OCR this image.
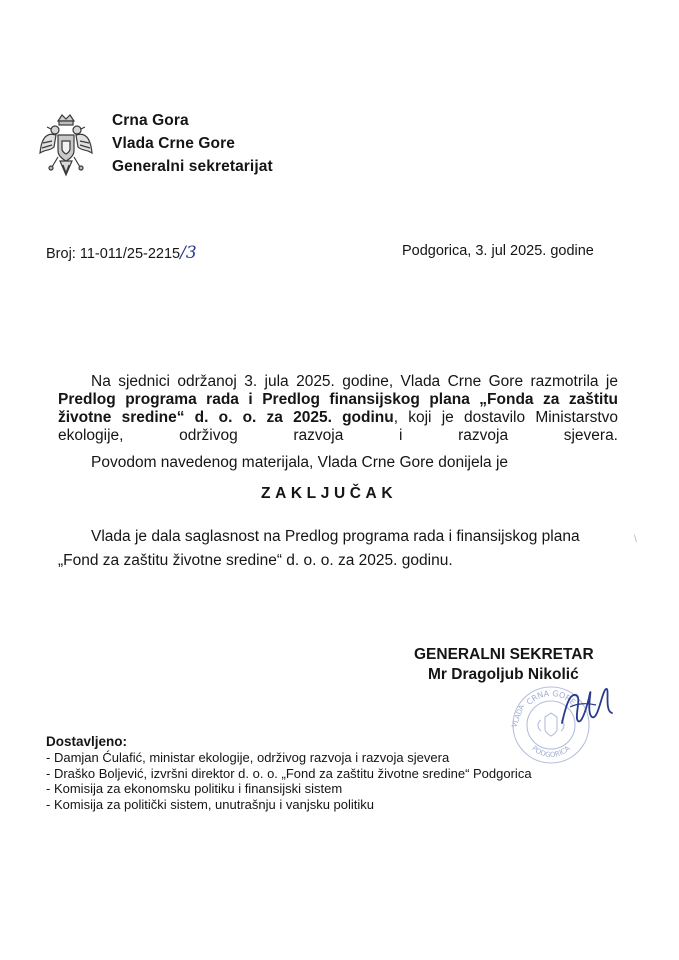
Crna Gora
Vlada Crne Gore
Generalni sekretarijat
Broj: 11-011/25-2215/3	Podgorica, 3. jul 2025. godine
Na sjednici održanoj 3. jula 2025. godine, Vlada Crne Gore razmotrila je Predlog programa rada i Predlog finansijskog plana „Fonda za zaštitu životne sredine“ d. o. o. za 2025. godinu, koji je dostavilo Ministarstvo ekologije, održivog razvoja i razvoja sjevera.
Povodom navedenog materijala, Vlada Crne Gore donijela je
ZAKLJUČAK
Vlada je dala saglasnost na Predlog programa rada i finansijskog plana
„Fond za zaštitu životne sredine“ d. o. o. za 2025. godinu.
\
GENERALNI SEKRETAR
Mr Dragoljub Nikolić
CRNA GORE
PODGORICA
VLADA
Dostavljeno:
- Damjan Ćulafić, ministar ekologije, održivog razvoja i razvoja sjevera
- Draško Boljević, izvršni direktor d. o. o. „Fond za zaštitu životne sredine“ Podgorica
- Komisija za ekonomsku politiku i finansijski sistem
- Komisija za politički sistem, unutrašnju i vanjsku politiku
